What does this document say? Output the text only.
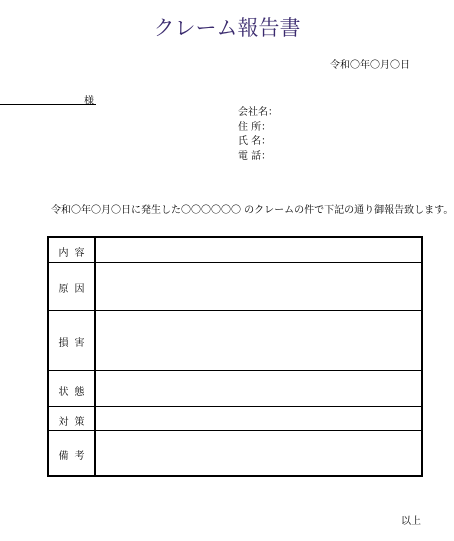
クレーム報告書
令和〇年〇月〇日
様
会社名：
住 所：
氏 名：
電 話：
令和〇年〇月〇日に発生した〇〇〇〇〇〇 のクレームの件で下記の通り御報告致します。
内容
原因
損害
状態
対策
備考
以上
